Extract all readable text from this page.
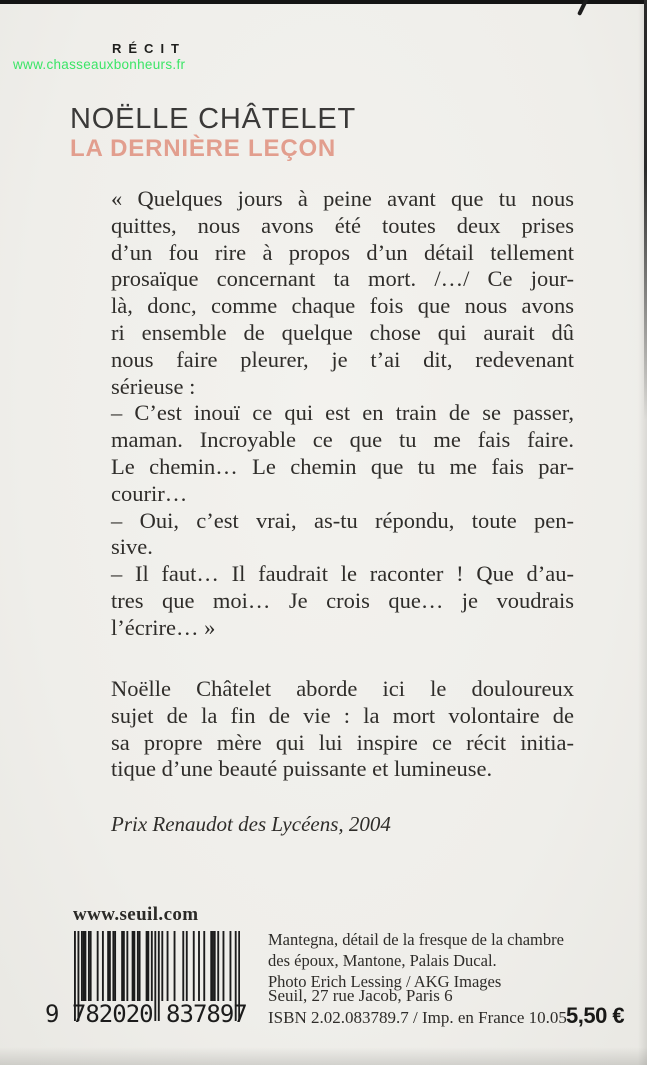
RÉCIT
www.chasseauxbonheurs.fr
NOËLLE CHÂTELET
LA DERNIÈRE LEÇON
« Quelques jours à peine avant que tu nous
quittes, nous avons été toutes deux prises
d’un fou rire à propos d’un détail tellement
prosaïque concernant ta mort. /…/ Ce jour-
là, donc, comme chaque fois que nous avons
ri ensemble de quelque chose qui aurait dû
nous faire pleurer, je t’ai dit, redevenant
sérieuse :
– C’est inouï ce qui est en train de se passer,
maman. Incroyable ce que tu me fais faire.
Le chemin… Le chemin que tu me fais par-
courir…
– Oui, c’est vrai, as-tu répondu, toute pen-
sive.
– Il faut… Il faudrait le raconter ! Que d’au-
tres que moi… Je crois que… je voudrais
l’écrire… »
Noëlle Châtelet aborde ici le douloureux
sujet de la fin de vie : la mort volontaire de
sa propre mère qui lui inspire ce récit initia-
tique d’une beauté puissante et lumineuse.
Prix Renaudot des Lycéens, 2004
www.seuil.com
9 782020 837897
Mantegna, détail de la fresque de la chambre
des époux, Mantone, Palais Ducal.
Photo Erich Lessing / AKG Images
Seuil, 27 rue Jacob, Paris 6
ISBN 2.02.083789.7 / Imp. en France 10.05 5,50 €
